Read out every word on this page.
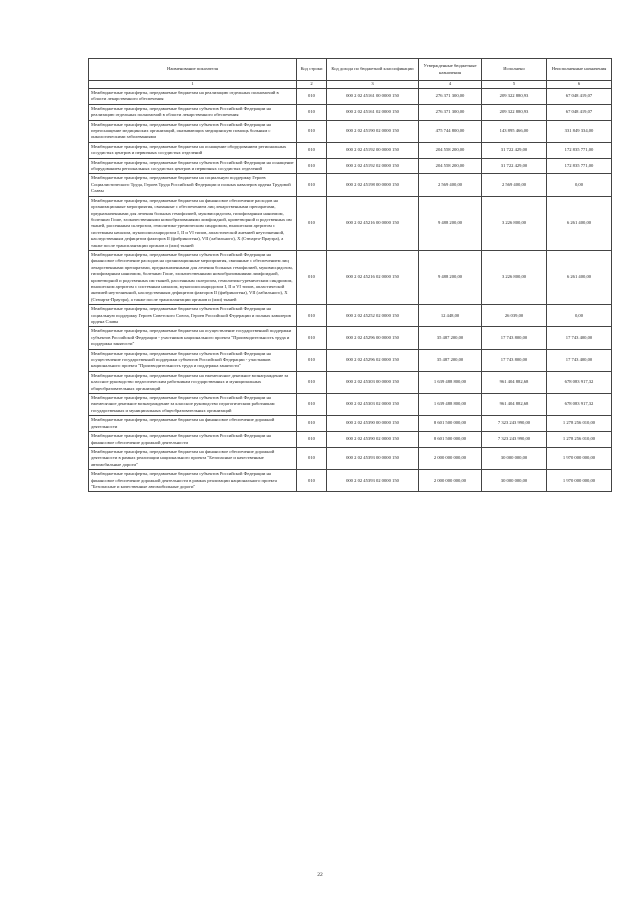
Наименование показателя	Код строки	Код дохода по бюджетной классификации	Утвержденные бюджетные назначения	Исполнено	Неисполненные назначения
1	2	3	4	5	6
Межбюджетные трансферты, передаваемые бюджетам на реализацию отдельных полномочий в области лекарственного обеспечения	010	000 2 02 45161 00 0000 150	276 371 300,00	209 322 880,93	67 048 419,07
Межбюджетные трансферты, передаваемые бюджетам субъектов Российской Федерации на реализацию отдельных полномочий в области лекарственного обеспечения	010	000 2 02 45161 02 0000 150	276 371 300,00	209 322 880,93	67 048 419,07
Межбюджетные трансферты, передаваемые бюджетам субъектов Российской Федерации на переоснащение медицинских организаций, оказывающих медицинскую помощь больным с онкологическими заболеваниями	010	000 2 02 45190 02 0000 150	475 744 800,00	143 895 466,00	331 849 334,00
Межбюджетные трансферты, передаваемые бюджетам на оснащение оборудованием региональных сосудистых центров и первичных сосудистых отделений	010	000 2 02 45192 00 0000 150	204 558 200,00	31 722 429,00	172 835 771,00
Межбюджетные трансферты, передаваемые бюджетам субъектов Российской Федерации на оснащение оборудованием региональных сосудистых центров и первичных сосудистых отделений	010	000 2 02 45192 02 0000 150	204 558 200,00	31 722 429,00	172 835 771,00
Межбюджетные трансферты, передаваемые бюджетам на социальную поддержку Героев Социалистического Труда, Героев Труда Российской Федерации и полных кавалеров ордена Трудовой Славы	010	000 2 02 45198 00 0000 150	2 569 400,00	2 569 400,00	0,00
Межбюджетные трансферты, передаваемые бюджетам на финансовое обеспечение расходов на организационные мероприятия, связанные с обеспечением лиц лекарственными препаратами, предназначенными для лечения больных гемофилией, муковисцидозом, гипофизарным нанизмом, болезнью Гоше, злокачественными новообразованиями лимфоидной, кроветворной и родственных им тканей, рассеянным склерозом, гемолитико-уремическим синдромом, юношеским артритом с системным началом, мукополисахаридозом I, II и VI типов, апластической анемией неуточненной, наследственным дефицитом факторов II (фибриногена), VII (лабильного), X (Стюарта-Прауэра), а также после трансплантации органов и (или) тканей	010	000 2 02 45216 00 0000 150	9 488 200,00	3 226 800,00	6 261 400,00
Межбюджетные трансферты, передаваемые бюджетам субъектов Российской Федерации на финансовое обеспечение расходов на организационные мероприятия, связанные с обеспечением лиц лекарственными препаратами, предназначенными для лечения больных гемофилией, муковисцидозом, гипофизарным нанизмом, болезнью Гоше, злокачественными новообразованиями лимфоидной, кроветворной и родственных им тканей, рассеянным склерозом, гемолитико-уремическим синдромом, юношеским артритом с системным началом, мукополисахаридозом I, II и VI типов, апластической анемией неуточненной, наследственным дефицитом факторов II (фибриногена), VII (лабильного), X (Стюарта-Прауэра), а также после трансплантации органов и (или) тканей	010	000 2 02 45216 02 0000 150	9 488 200,00	3 226 800,00	6 261 400,00
Межбюджетные трансферты, передаваемые бюджетам субъектов Российской Федерации на социальную поддержку Героев Советского Союза, Героев Российской Федерации и полных кавалеров ордена Славы	010	000 2 02 45252 02 0000 150	12 448,00	26 039,00	0,00
Межбюджетные трансферты, передаваемые бюджетам на осуществление государственной поддержки субъектов Российской Федерации - участников национального проекта "Производительность труда и поддержка занятости"	010	000 2 02 45296 00 0000 150	35 487 200,00	17 743 800,00	17 743 400,00
Межбюджетные трансферты, передаваемые бюджетам субъектов Российской Федерации на осуществление государственной поддержки субъектов Российской Федерации - участников национального проекта "Производительность труда и поддержка занятости"	010	000 2 02 45296 02 0000 150	35 487 200,00	17 743 800,00	17 743 400,00
Межбюджетные трансферты, передаваемые бюджетам на ежемесячное денежное вознаграждение за классное руководство педагогическим работникам государственных и муниципальных общеобразовательных организаций	010	000 2 02 45303 00 0000 150	1 639 488 800,00	961 404 882,68	678 083 917,32
Межбюджетные трансферты, передаваемые бюджетам субъектов Российской Федерации на ежемесячное денежное вознаграждение за классное руководство педагогическим работникам государственных и муниципальных общеобразовательных организаций	010	000 2 02 45303 02 0000 150	1 639 488 800,00	961 404 882,68	678 083 917,32
Межбюджетные трансферты, передаваемые бюджетам на финансовое обеспечение дорожной деятельности	010	000 2 02 45390 00 0000 150	8 601 500 000,00	7 323 243 990,00	1 278 256 010,00
Межбюджетные трансферты, передаваемые бюджетам субъектов Российской Федерации на финансовое обеспечение дорожной деятельности	010	000 2 02 45390 02 0000 150	8 601 500 000,00	7 323 243 990,00	1 278 256 010,00
Межбюджетные трансферты, передаваемые бюджетам на финансовое обеспечение дорожной деятельности в рамках реализации национального проекта "Безопасные и качественные автомобильные дороги"	010	000 2 02 45393 00 0000 150	2 000 000 000,00	30 000 000,00	1 970 000 000,00
Межбюджетные трансферты, передаваемые бюджетам субъектов Российской Федерации на финансовое обеспечение дорожной деятельности в рамках реализации национального проекта "Безопасные и качественные автомобильные дороги"	010	000 2 02 45393 02 0000 150	2 000 000 000,00	30 000 000,00	1 970 000 000,00
22
